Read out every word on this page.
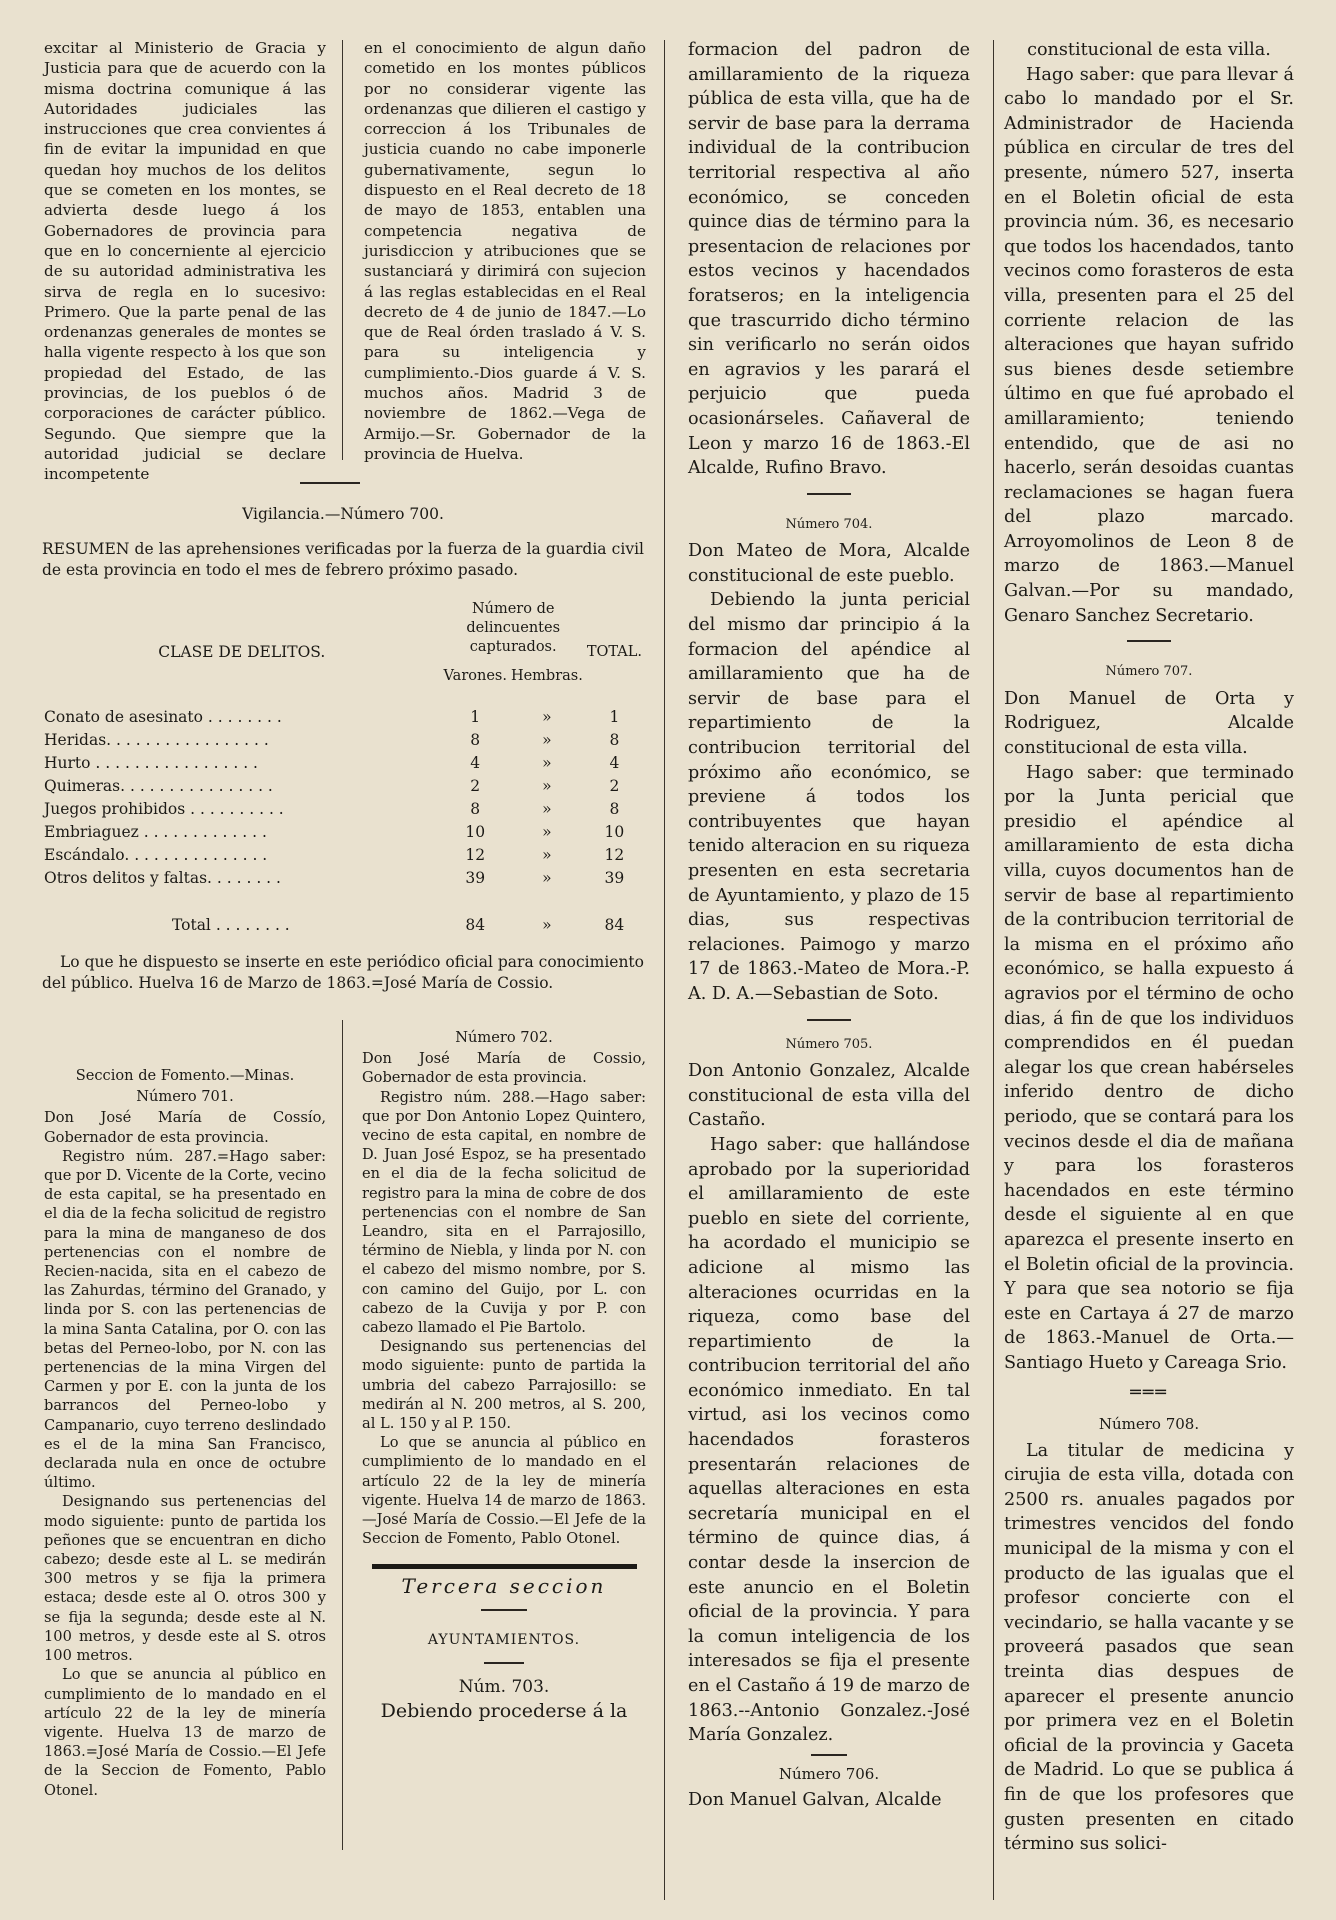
excitar al Ministerio de Gracia y Justicia para que de acuerdo con la misma doctrina comunique á las Autoridades judiciales las instrucciones que crea convientes á fin de evitar la impunidad en que quedan hoy muchos de los delitos que se cometen en los montes, se advierta desde luego á los Gobernadores de provincia para que en lo concerniente al ejercicio de su autoridad administrativa les sirva de regla en lo sucesivo: Primero. Que la parte penal de las ordenanzas generales de montes se halla vigente respecto à los que son propiedad del Estado, de las provincias, de los pueblos ó de corporaciones de carácter público. Segundo. Que siempre que la autoridad judicial se declare incompetente

en el conocimiento de algun daño cometido en los montes públicos por no considerar vigente las ordenanzas que dilieren el castigo y correccion á los Tribunales de justicia cuando no cabe imponerle gubernativamente, segun lo dispuesto en el Real decreto de 18 de mayo de 1853, entablen una competencia negativa de jurisdiccion y atribuciones que se sustanciará y dirimirá con sujecion á las reglas establecidas en el Real decreto de 4 de junio de 1847.—Lo que de Real órden traslado á V. S. para su inteligencia y cumplimiento.-Dios guarde á V. S. muchos años. Madrid 3 de noviembre de 1862.—Vega de Armijo.—Sr. Gobernador de la provincia de Huelva.

Vigilancia.—Número 700.
RESUMEN de las aprehensiones verificadas por la fuerza de la guardia civil de esta provincia en todo el mes de febrero próximo pasado.
CLASE DE DELITOS.	Número de delincuentes capturados.		TOTAL.
	Varones.	Hembras.	

Conato de asesinato . . . . . . . .	1	»	1
Heridas. . . . . . . . . . . . . . . . .	8	»	8
Hurto . . . . . . . . . . . . . . . . .	4	»	4
Quimeras. . . . . . . . . . . . . . . .	2	»	2
Juegos prohibidos . . . . . . . . . .	8	»	8
Embriaguez . . . . . . . . . . . . .	10	»	10
Escándalo. . . . . . . . . . . . . . .	12	»	12
Otros delitos y faltas. . . . . . . .	39	»	39

Total . . . . . . . .	84	»	84
Lo que he dispuesto se inserte en este periódico oficial para conocimiento del público. Huelva 16 de Marzo de 1863.=José María de Cossio.
Seccion de Fomento.—Minas.
Número 701.

Don José María de Cossío, Gobernador de esta provincia.

Registro núm. 287.=Hago saber: que por D. Vicente de la Corte, vecino de esta capital, se ha presentado en el dia de la fecha solicitud de registro para la mina de manganeso de dos pertenencias con el nombre de Recien-nacida, sita en el cabezo de las Zahurdas, término del Granado, y linda por S. con las pertenencias de la mina Santa Catalina, por O. con las betas del Perneo-lobo, por N. con las pertenencias de la mina Virgen del Carmen y por E. con la junta de los barrancos del Perneo-lobo y Campanario, cuyo terreno deslindado es el de la mina San Francisco, declarada nula en once de octubre último.

Designando sus pertenencias del modo siguiente: punto de partida los peñones que se encuentran en dicho cabezo; desde este al L. se medirán 300 metros y se fija la primera estaca; desde este al O. otros 300 y se fija la segunda; desde este al N. 100 metros, y desde este al S. otros 100 metros.

Lo que se anuncia al público en cumplimiento de lo mandado en el artículo 22 de la ley de minería vigente. Huelva 13 de marzo de 1863.=José María de Cossio.—El Jefe de la Seccion de Fomento, Pablo Otonel.

Número 702.

Don José María de Cossio, Gobernador de esta provincia.

Registro núm. 288.—Hago saber: que por Don Antonio Lopez Quintero, vecino de esta capital, en nombre de D. Juan José Espoz, se ha presentado en el dia de la fecha solicitud de registro para la mina de cobre de dos pertenencias con el nombre de San Leandro, sita en el Parrajosillo, término de Niebla, y linda por N. con el cabezo del mismo nombre, por S. con camino del Guijo, por L. con cabezo de la Cuvija y por P. con cabezo llamado el Pie Bartolo.

Designando sus pertenencias del modo siguiente: punto de partida la umbria del cabezo Parrajosillo: se medirán al N. 200 metros, al S. 200, al L. 150 y al P. 150.

Lo que se anuncia al público en cumplimiento de lo mandado en el artículo 22 de la ley de minería vigente. Huelva 14 de marzo de 1863.—José María de Cossio.—El Jefe de la Seccion de Fomento, Pablo Otonel.

Tercera seccion
AYUNTAMIENTOS.
Núm. 703.

Debiendo procederse á la

formacion del padron de amillaramiento de la riqueza pública de esta villa, que ha de servir de base para la derrama individual de la contribucion territorial respectiva al año económico, se conceden quince dias de término para la presentacion de relaciones por estos vecinos y hacendados foratseros; en la inteligencia que trascurrido dicho término sin verificarlo no serán oidos en agravios y les parará el perjuicio que pueda ocasionárseles. Cañaveral de Leon y marzo 16 de 1863.-El Alcalde, Rufino Bravo.

Número 704.

Don Mateo de Mora, Alcalde constitucional de este pueblo.

Debiendo la junta pericial del mismo dar principio á la formacion del apéndice al amillaramiento que ha de servir de base para el repartimiento de la contribucion territorial del próximo año económico, se previene á todos los contribuyentes que hayan tenido alteracion en su riqueza presenten en esta secretaria de Ayuntamiento, y plazo de 15 dias, sus respectivas relaciones. Paimogo y marzo 17 de 1863.-Mateo de Mora.-P. A. D. A.—Sebastian de Soto.

Número 705.

Don Antonio Gonzalez, Alcalde constitucional de esta villa del Castaño.

Hago saber: que hallándose aprobado por la superioridad el amillaramiento de este pueblo en siete del corriente, ha acordado el municipio se adicione al mismo las alteraciones ocurridas en la riqueza, como base del repartimiento de la contribucion territorial del año económico inmediato. En tal virtud, asi los vecinos como hacendados forasteros presentarán relaciones de aquellas alteraciones en esta secretaría municipal en el término de quince dias, á contar desde la insercion de este anuncio en el Boletin oficial de la provincia. Y para la comun inteligencia de los interesados se fija el presente en el Castaño á 19 de marzo de 1863.--Antonio Gonzalez.-José María Gonzalez.

Número 706.

Don Manuel Galvan, Alcalde

constitucional de esta villa.

Hago saber: que para llevar á cabo lo mandado por el Sr. Administrador de Hacienda pública en circular de tres del presente, número 527, inserta en el Boletin oficial de esta provincia núm. 36, es necesario que todos los hacendados, tanto vecinos como forasteros de esta villa, presenten para el 25 del corriente relacion de las alteraciones que hayan sufrido sus bienes desde setiembre último en que fué aprobado el amillaramiento; teniendo entendido, que de asi no hacerlo, serán desoidas cuantas reclamaciones se hagan fuera del plazo marcado. Arroyomolinos de Leon 8 de marzo de 1863.—Manuel Galvan.—Por su mandado, Genaro Sanchez Secretario.

Número 707.

Don Manuel de Orta y Rodriguez, Alcalde constitucional de esta villa.

Hago saber: que terminado por la Junta pericial que presidio el apéndice al amillaramiento de esta dicha villa, cuyos documentos han de servir de base al repartimiento de la contribucion territorial de la misma en el próximo año económico, se halla expuesto á agravios por el término de ocho dias, á fin de que los individuos comprendidos en él puedan alegar los que crean habérseles inferido dentro de dicho periodo, que se contará para los vecinos desde el dia de mañana y para los forasteros hacendados en este término desde el siguiente al en que aparezca el presente inserto en el Boletin oficial de la provincia. Y para que sea notorio se fija este en Cartaya á 27 de marzo de 1863.-Manuel de Orta.—Santiago Hueto y Careaga Srio.

═══
Número 708.

La titular de medicina y cirujia de esta villa, dotada con 2500 rs. anuales pagados por trimestres vencidos del fondo municipal de la misma y con el producto de las igualas que el profesor concierte con el vecindario, se halla vacante y se proveerá pasados que sean treinta dias despues de aparecer el presente anuncio por primera vez en el Boletin oficial de la provincia y Gaceta de Madrid. Lo que se publica á fin de que los profesores que gusten presenten en citado término sus solici-
